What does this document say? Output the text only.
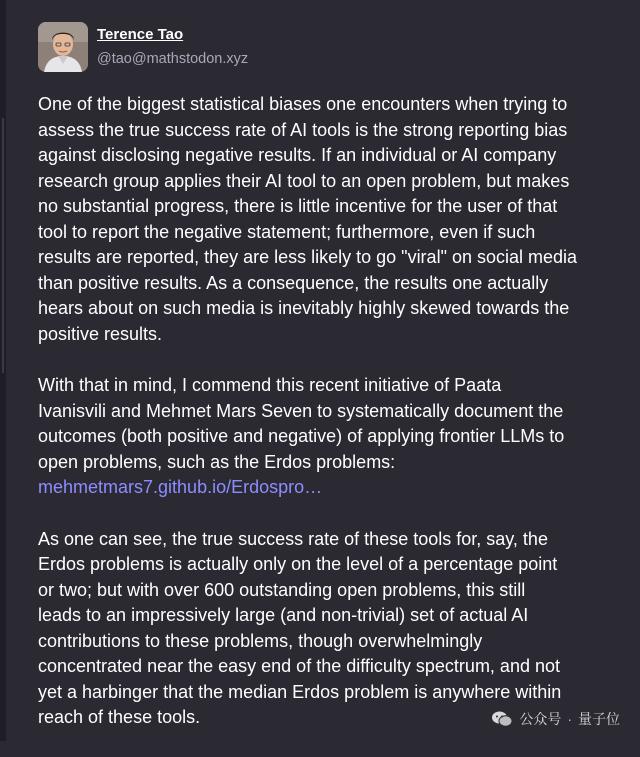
Terence Tao
@tao@mathstodon.xyz

One of the biggest statistical biases one encounters when trying to
assess the true success rate of AI tools is the strong reporting bias
against disclosing negative results. If an individual or AI company
research group applies their AI tool to an open problem, but makes
no substantial progress, there is little incentive for the user of that
tool to report the negative statement; furthermore, even if such
results are reported, they are less likely to go "viral" on social media
than positive results. As a consequence, the results one actually
hears about on such media is inevitably highly skewed towards the
positive results.

With that in mind, I commend this recent initiative of Paata
Ivanisvili and Mehmet Mars Seven to systematically document the
outcomes (both positive and negative) of applying frontier LLMs to
open problems, such as the Erdos problems:
mehmetmars7.github.io/Erdospro…

As one can see, the true success rate of these tools for, say, the
Erdos problems is actually only on the level of a percentage point
or two; but with over 600 outstanding open problems, this still
leads to an impressively large (and non-trivial) set of actual AI
contributions to these problems, though overwhelmingly
concentrated near the easy end of the difficulty spectrum, and not
yet a harbinger that the median Erdos problem is anywhere within
reach of these tools.	公众号 · 量子位
